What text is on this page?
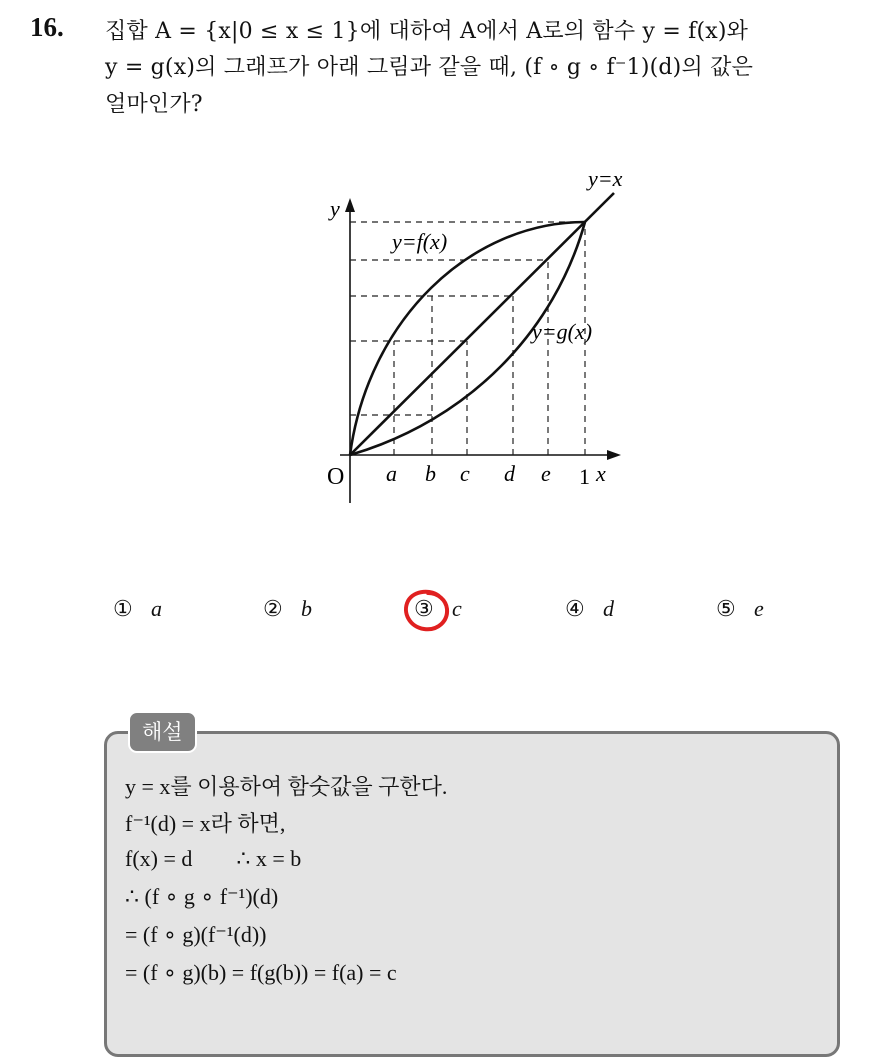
16. 집합 A = {x|0 ≤ x ≤ 1}에 대하여 A에서 A로의 함수 y = f(x)와
y = g(x)의 그래프가 아래 그림과 같을 때, (f ∘ g ∘ f⁻1)(d)의 값은
얼마인가?
y
O
y=x
y=f(x)
y=g(x)
a b c d e 1 x
① a	② b	③ c	④ d	⑤ e
해설
y = x를 이용하여 함숫값을 구한다.
f⁻¹(d) = x라 하면,
f(x) = d        ∴ x = b
∴ (f ∘ g ∘ f⁻¹)(d)
= (f ∘ g)(f⁻¹(d))
= (f ∘ g)(b) = f(g(b)) = f(a) = c
